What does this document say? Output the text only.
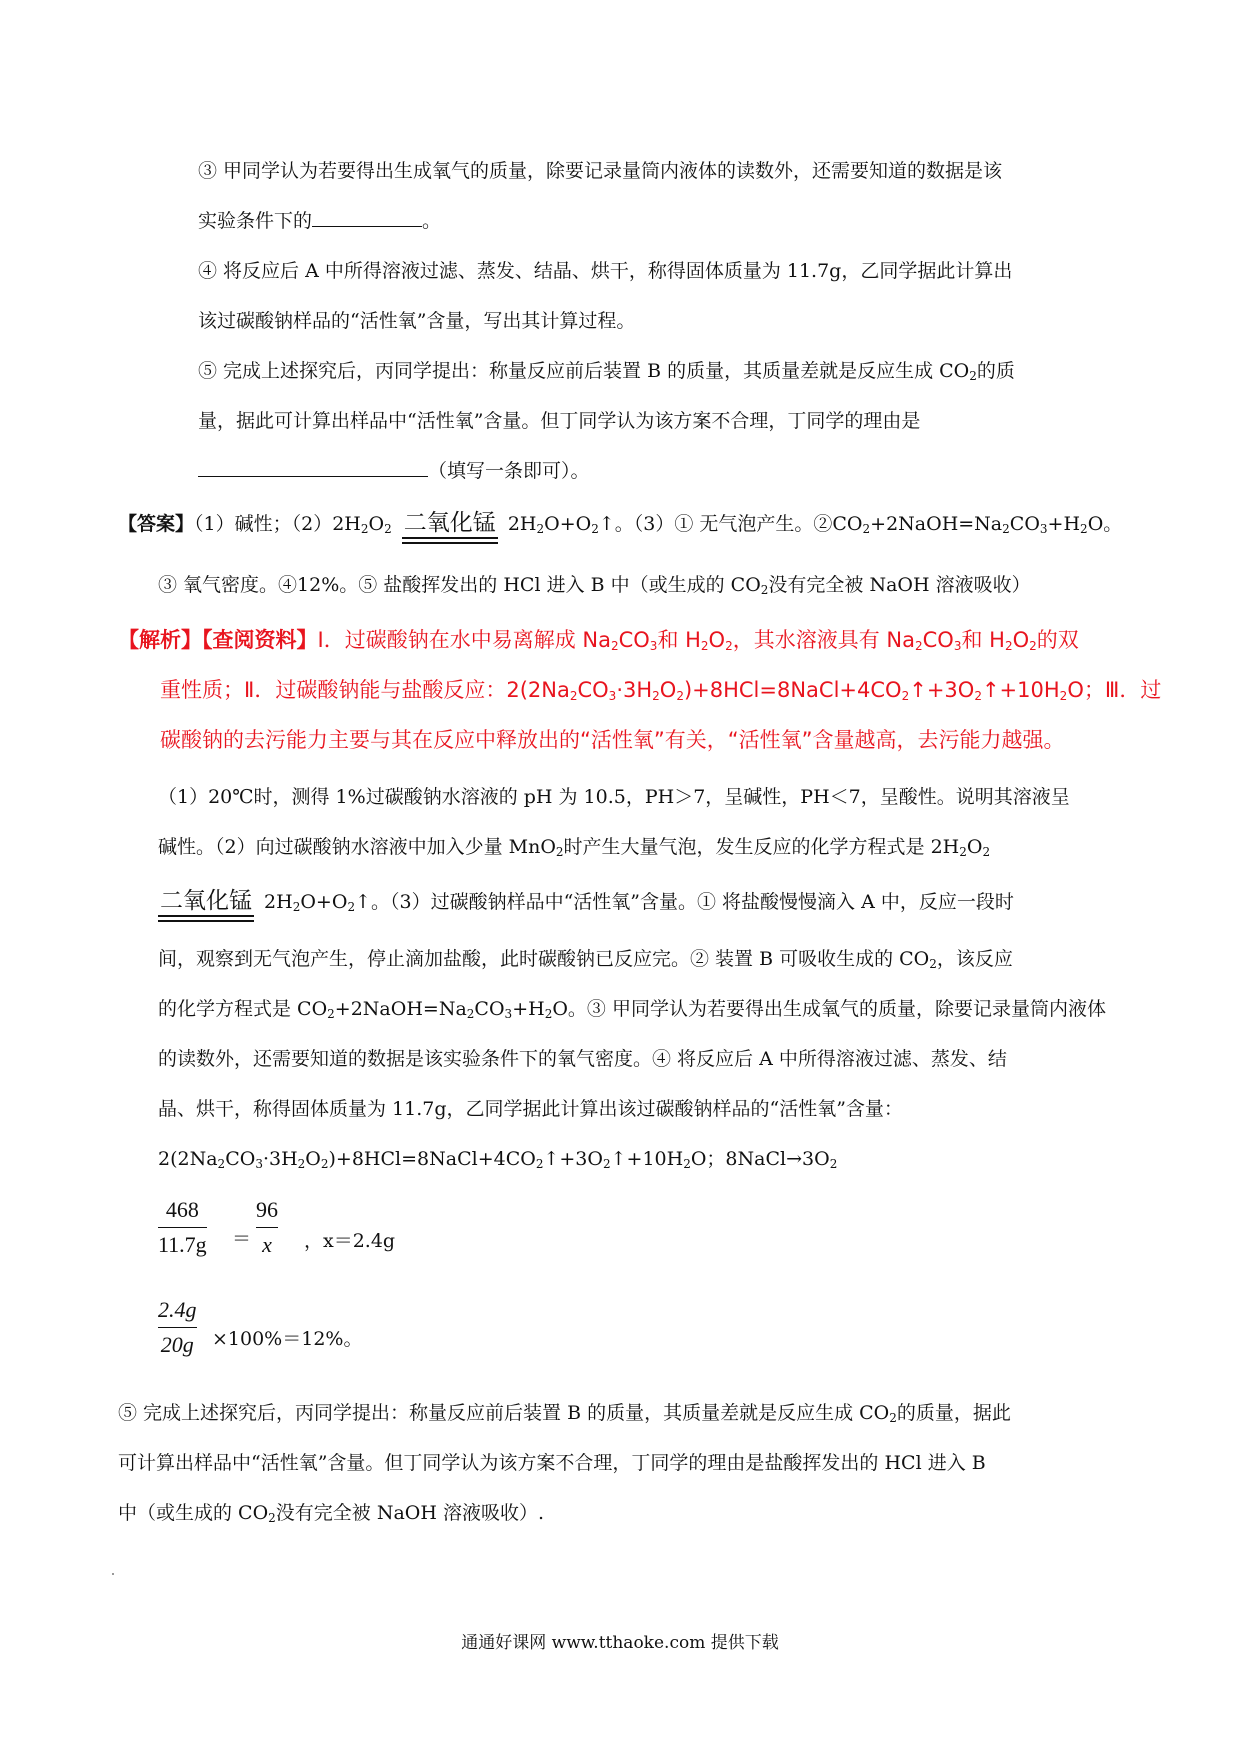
③ 甲同学认为若要得出生成氧气的质量，除要记录量筒内液体的读数外，还需要知道的数据是该
实验条件下的	。
④ 将反应后 A 中所得溶液过滤、蒸发、结晶、烘干，称得固体质量为 11.7g，乙同学据此计算出
该过碳酸钠样品的“活性氧”含量，写出其计算过程。
⑤ 完成上述探究后，丙同学提出：称量反应前后装置 B 的质量，其质量差就是反应生成 $CO_2$的质
量，据此可计算出样品中“活性氧”含量。但丁同学认为该方案不合理，丁同学的理由是
（填写一条即可）。
【答案】（1）碱性；$(2)2H_2O_2$ 二氧化锰 $2H_2O+O_2↑$。（3）① 无气泡产生。$②CO_2+2NaOH=Na_2CO_3+H_2O$。
③ 氧气密度。④12%。⑤ 盐酸挥发出的 HCl 进入 B 中（或生成的 $CO_2$没有完全被 NaOH 溶液吸收）
【解析】【查阅资料】Ⅰ．过碳酸钠在水中易离解成 $Na_2CO_3$和 $H_2O_2$，其水溶液具有 $Na_2CO_3$和 $H_2O_2$的双
重性质；Ⅱ．过碳酸钠能与盐酸反应：$2(2Na_2CO_3\cdot 3H_2O_2)+8HCl=8NaCl+4CO_2↑+3O_2↑+10H_2O$；Ⅲ．过
碳酸钠的去污能力主要与其在反应中释放出的“活性氧”有关，“活性氧”含量越高，去污能力越强。
（1）20℃时，测得 1%过碳酸钠水溶液的 pH 为 10.5，PH＞7，呈碱性，PH＜7，呈酸性。说明其溶液呈
碱性。（2）向过碳酸钠水溶液中加入少量 MnO$_2$时产生大量气泡，发生反应的化学方程式是 $2H_2O_2$
二氧化锰 $2H_2O+O_2↑$。（3）过碳酸钠样品中“活性氧”含量。① 将盐酸慢慢滴入 A 中，反应一段时
间，观察到无气泡产生，停止滴加盐酸，此时碳酸钠已反应完。② 装置 B 可吸收生成的 $CO_2$，该反应
的化学方程式是 $CO_2+2NaOH=Na_2CO_3+H_2O$。③ 甲同学认为若要得出生成氧气的质量，除要记录量筒内液体
的读数外，还需要知道的数据是该实验条件下的氧气密度。④ 将反应后 A 中所得溶液过滤、蒸发、结
晶、烘干，称得固体质量为 11.7g，乙同学据此计算出该过碳酸钠样品的“活性氧”含量：
$2(2Na_2CO_3\cdot 3H_2O_2)+8HCl=8NaCl+4CO_2↑+3O_2↑+10H_2O$；$8NaCl\to 3O_2$
468
11.7g ＝
96
x ，x＝2.4g
2.4g
20g ×100%＝12%。
⑤ 完成上述探究后，丙同学提出：称量反应前后装置 B 的质量，其质量差就是反应生成 $CO_2$的质量，据此
可计算出样品中“活性氧”含量。但丁同学认为该方案不合理，丁同学的理由是盐酸挥发出的 HCl 进入 B
中（或生成的 $CO_2$没有完全被 NaOH 溶液吸收）.
通通好课网 www.tthaoke.com 提供下载
